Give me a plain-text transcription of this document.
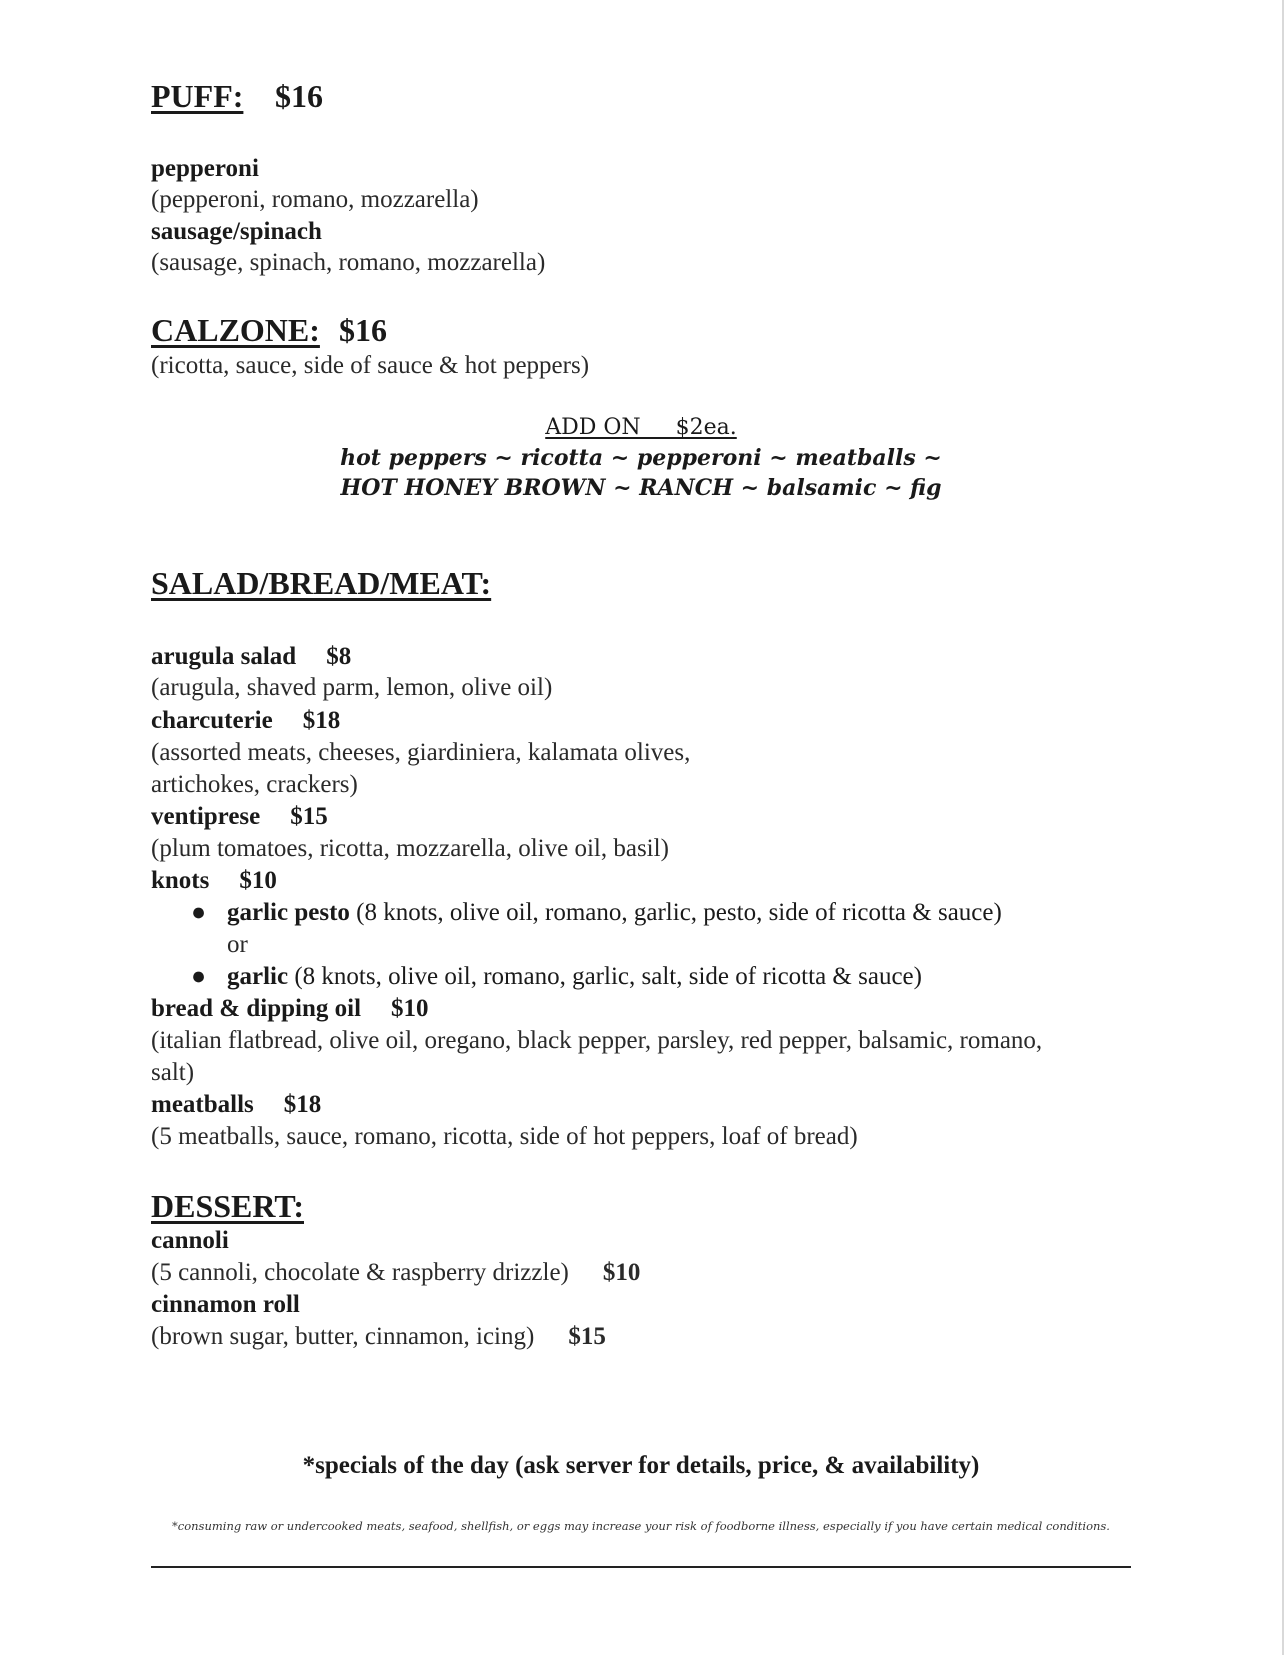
PUFF: $16
pepperoni
(pepperoni, romano, mozzarella)
sausage/spinach
(sausage, spinach, romano, mozzarella)
CALZONE: $16
(ricotta, sauce, side of sauce & hot peppers)
ADD ON     $2ea.
hot peppers ~ ricotta ~ pepperoni ~ meatballs ~
HOT HONEY BROWN ~ RANCH ~ balsamic ~ fig
SALAD/BREAD/MEAT:
arugula salad $8
(arugula, shaved parm, lemon, olive oil)
charcuterie $18
(assorted meats, cheeses, giardiniera, kalamata olives,
artichokes, crackers)
ventiprese $15
(plum tomatoes, ricotta, mozzarella, olive oil, basil)
knots $10
● garlic pesto (8 knots, olive oil, romano, garlic, pesto, side of ricotta & sauce)
or
● garlic (8 knots, olive oil, romano, garlic, salt, side of ricotta & sauce)
bread & dipping oil $10
(italian flatbread, olive oil, oregano, black pepper, parsley, red pepper, balsamic, romano,
salt)
meatballs $18
(5 meatballs, sauce, romano, ricotta, side of hot peppers, loaf of bread)
DESSERT:
cannoli
(5 cannoli, chocolate & raspberry drizzle) $10
cinnamon roll
(brown sugar, butter, cinnamon, icing) $15
*specials of the day (ask server for details, price, & availability)
*consuming raw or undercooked meats, seafood, shellfish, or eggs may increase your risk of foodborne illness, especially if you have certain medical conditions.
